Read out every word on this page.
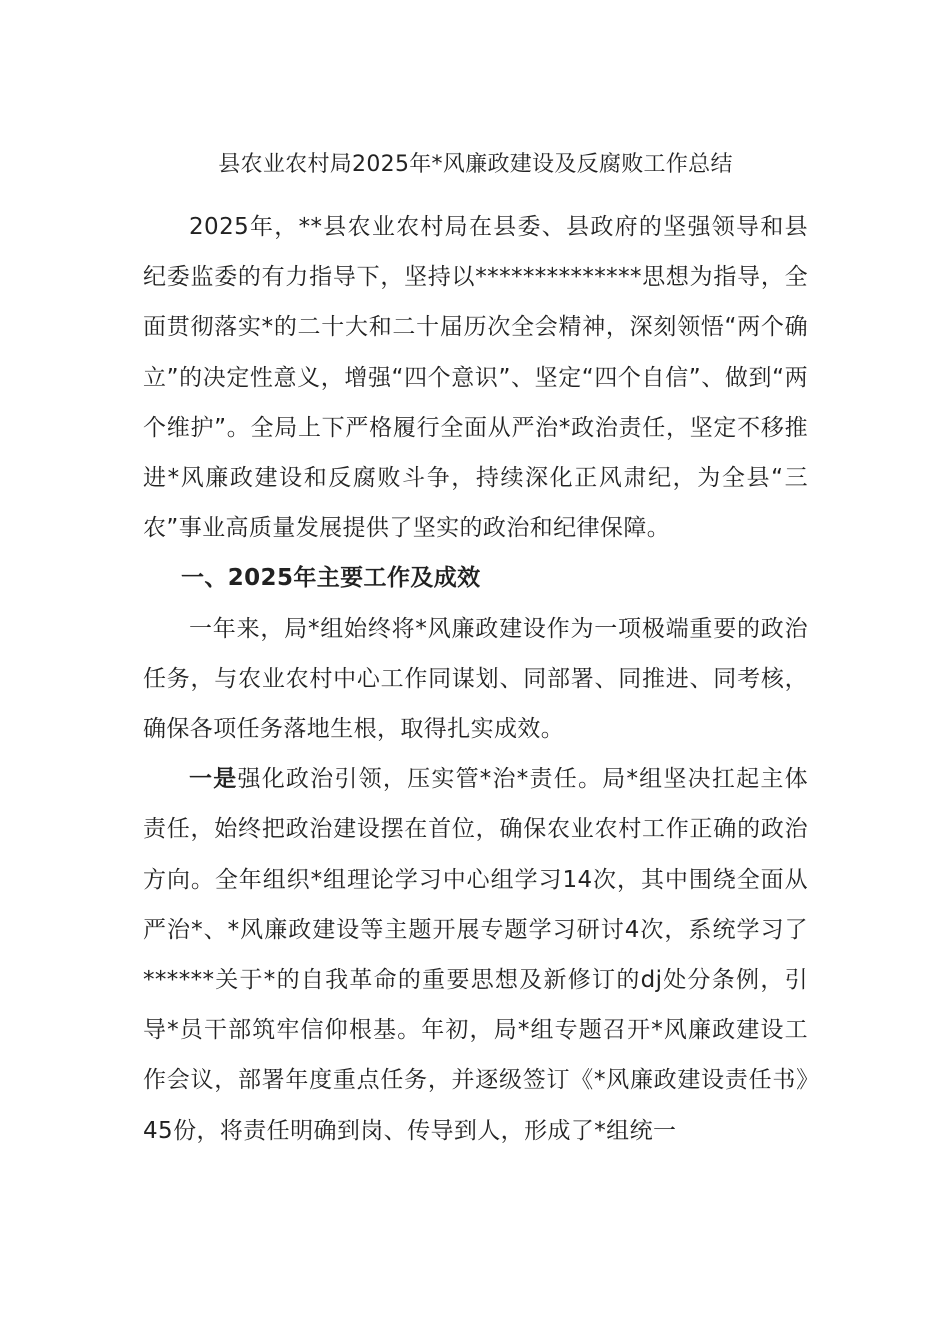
县农业农村局2025年*风廉政建设及反腐败工作总结

2025年，**县农业农村局在县委、县政府的坚强领导和县纪委监委的有力指导下，坚持以**************思想为指导，全面贯彻落实*的二十大和二十届历次全会精神，深刻领悟“两个确立”的决定性意义，增强“四个意识”、坚定“四个自信”、做到“两个维护”。全局上下严格履行全面从严治*政治责任，坚定不移推进*风廉政建设和反腐败斗争，持续深化正风肃纪，为全县“三农”事业高质量发展提供了坚实的政治和纪律保障。

一、2025年主要工作及成效

一年来，局*组始终将*风廉政建设作为一项极端重要的政治任务，与农业农村中心工作同谋划、同部署、同推进、同考核，确保各项任务落地生根，取得扎实成效。

一是强化政治引领，压实管*治*责任。局*组坚决扛起主体责任，始终把政治建设摆在首位，确保农业农村工作正确的政治方向。全年组织*组理论学习中心组学习14次，其中围绕全面从严治*、*风廉政建设等主题开展专题学习研讨4次，系统学习了******关于*的自我革命的重要思想及新修订的dj处分条例，引导*员干部筑牢信仰根基。年初，局*组专题召开*风廉政建设工作会议，部署年度重点任务，并逐级签订《*风廉政建设责任书》45份，将责任明确到岗、传导到人，形成了*组统一
